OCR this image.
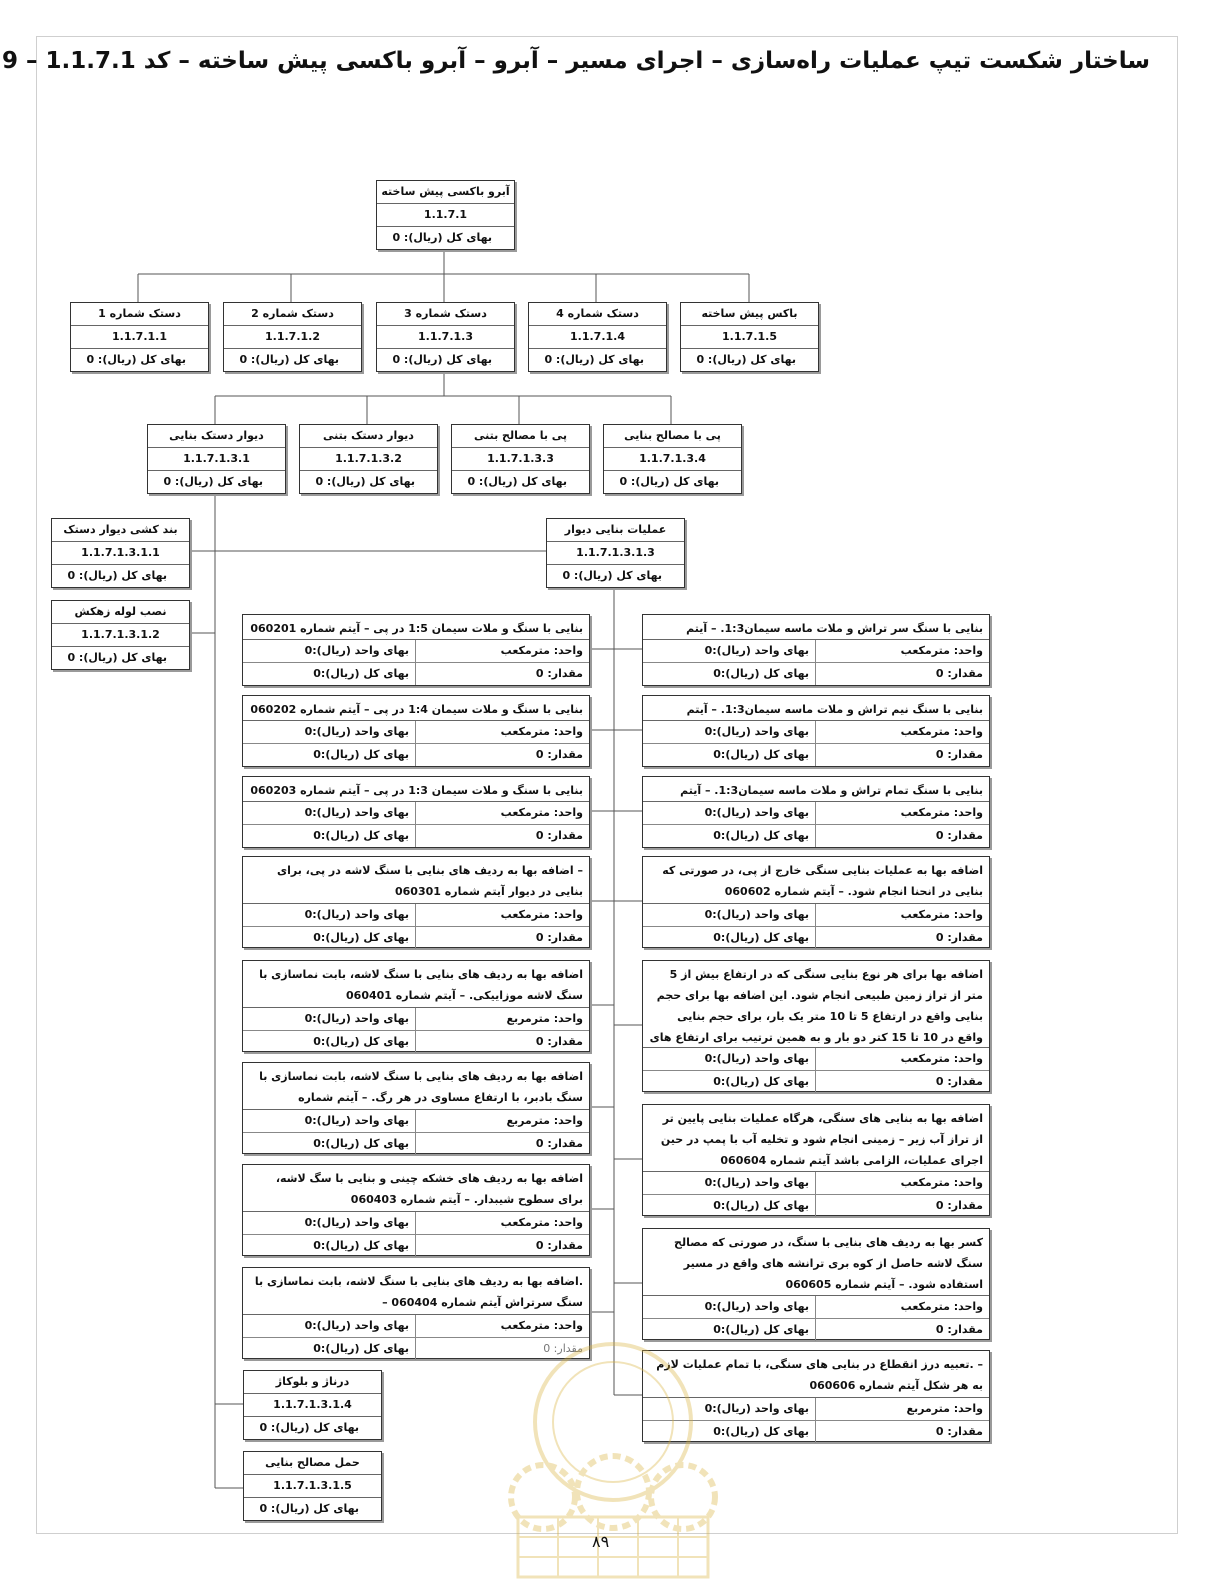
ساختار شکست تیپ عملیات راه‌سازی – اجرای مسیر – آبرو – آبرو باکسی پیش ساخته – کد 1.1.7.1 – 9
آبرو باکسی پیش ساخته
1.1.7.1
بهای کل (ریال): 0
دستک شماره 1
1.1.7.1.1
بهای کل (ریال): 0
دستک شماره 2
1.1.7.1.2
بهای کل (ریال): 0
دستک شماره 3
1.1.7.1.3
بهای کل (ریال): 0
دستک شماره 4
1.1.7.1.4
بهای کل (ریال): 0
باکس پیش ساخته
1.1.7.1.5
بهای کل (ریال): 0
دیوار دستک بنایی
1.1.7.1.3.1
بهای کل (ریال): 0
دیوار دستک بتنی
1.1.7.1.3.2
بهای کل (ریال): 0
پی با مصالح بتنی
1.1.7.1.3.3
بهای کل (ریال): 0
پی با مصالح بنایی
1.1.7.1.3.4
بهای کل (ریال): 0
بند کشی دیوار دستک
1.1.7.1.3.1.1
بهای کل (ریال): 0
نصب لوله زهکش
1.1.7.1.3.1.2
بهای کل (ریال): 0
عملیات بنایی دیوار
1.1.7.1.3.1.3
بهای کل (ریال): 0
درناژ و بلوکاژ
1.1.7.1.3.1.4
بهای کل (ریال): 0
حمل مصالح بنایی
1.1.7.1.3.1.5
بهای کل (ریال): 0
بنایی با سنگ و ملات سیمان 1:5 در پی – آیتم شماره 060201
واحد: مترمکعب
بهای واحد (ریال):0
مقدار: 0
بهای کل (ریال):0
بنایی با سنگ و ملات سیمان 1:4 در پی – آیتم شماره 060202
واحد: مترمکعب
بهای واحد (ریال):0
مقدار: 0
بهای کل (ریال):0
بنایی با سنگ و ملات سیمان 1:3 در پی – آیتم شماره 060203
واحد: مترمکعب
بهای واحد (ریال):0
مقدار: 0
بهای کل (ریال):0
– اضافه بها به ردیف های بنایی با سنگ لاشه در پی، برای بنایی در دیوار آیتم شماره 060301
واحد: مترمکعب
بهای واحد (ریال):0
مقدار: 0
بهای کل (ریال):0
اضافه بها به ردیف های بنایی با سنگ لاشه، بابت نماسازی با سنگ لاشه موزاییکی. – آیتم شماره 060401
واحد: مترمربع
بهای واحد (ریال):0
مقدار: 0
بهای کل (ریال):0
اضافه بها به ردیف های بنایی با سنگ لاشه، بابت نماسازی با سنگ بادبر، با ارتفاع مساوی در هر رگ. – آیتم شماره
واحد: مترمربع
بهای واحد (ریال):0
مقدار: 0
بهای کل (ریال):0
اضافه بها به ردیف های خشکه چینی و بنایی با سگ لاشه، برای سطوح شیبدار. – آیتم شماره 060403
واحد: مترمکعب
بهای واحد (ریال):0
مقدار: 0
بهای کل (ریال):0
.اضافه بها به ردیف های بنایی با سنگ لاشه، بابت نماسازی با سنگ سرتراش آیتم شماره 060404 –
واحد: مترمکعب
بهای واحد (ریال):0
مقدار: 0
بهای کل (ریال):0
بنایی با سنگ سر تراش و ملات ماسه سیمان1:3. – آیتم
واحد: مترمکعب
بهای واحد (ریال):0
مقدار: 0
بهای کل (ریال):0
بنایی با سنگ نیم تراش و ملات ماسه سیمان1:3. – آیتم
واحد: مترمکعب
بهای واحد (ریال):0
مقدار: 0
بهای کل (ریال):0
بنایی با سنگ تمام تراش و ملات ماسه سیمان1:3. – آیتم
واحد: مترمکعب
بهای واحد (ریال):0
مقدار: 0
بهای کل (ریال):0
اضافه بها به عملیات بنایی سنگی خارج از پی، در صورتی که بنایی در انحنا انجام شود. – آیتم شماره 060602
واحد: مترمکعب
بهای واحد (ریال):0
مقدار: 0
بهای کل (ریال):0
اضافه بها برای هر نوع بنایی سنگی که در ارتفاع بیش از 5 متر از تراز زمین طبیعی انجام شود. این اضافه بها برای حجم بنایی واقع در ارتفاع 5 تا 10 متر یک بار، برای حجم بنایی واقع در 10 تا 15 کتر دو بار و به همین ترتیب برای ارتفاع های
واحد: مترمکعب
بهای واحد (ریال):0
مقدار: 0
بهای کل (ریال):0
اضافه بها به بنایی های سنگی، هرگاه عملیات بنایی پایین تر از تراز آب زیر – زمینی انجام شود و تخلیه آب با پمپ در حین اجرای عملیات، الزامی باشد آیتم شماره 060604
واحد: مترمکعب
بهای واحد (ریال):0
مقدار: 0
بهای کل (ریال):0
کسر بها به ردیف های بنایی با سنگ، در صورتی که مصالح سنگ لاشه حاصل از کوه بری ترانشه های واقع در مسیر استفاده شود. – آیتم شماره 060605
واحد: مترمکعب
بهای واحد (ریال):0
مقدار: 0
بهای کل (ریال):0
– .تعبیه درز انقطاع در بنایی های سنگی، با تمام عملیات لازم به هر شکل آیتم شماره 060606
واحد: مترمربع
بهای واحد (ریال):0
مقدار: 0
بهای کل (ریال):0
۸۹
